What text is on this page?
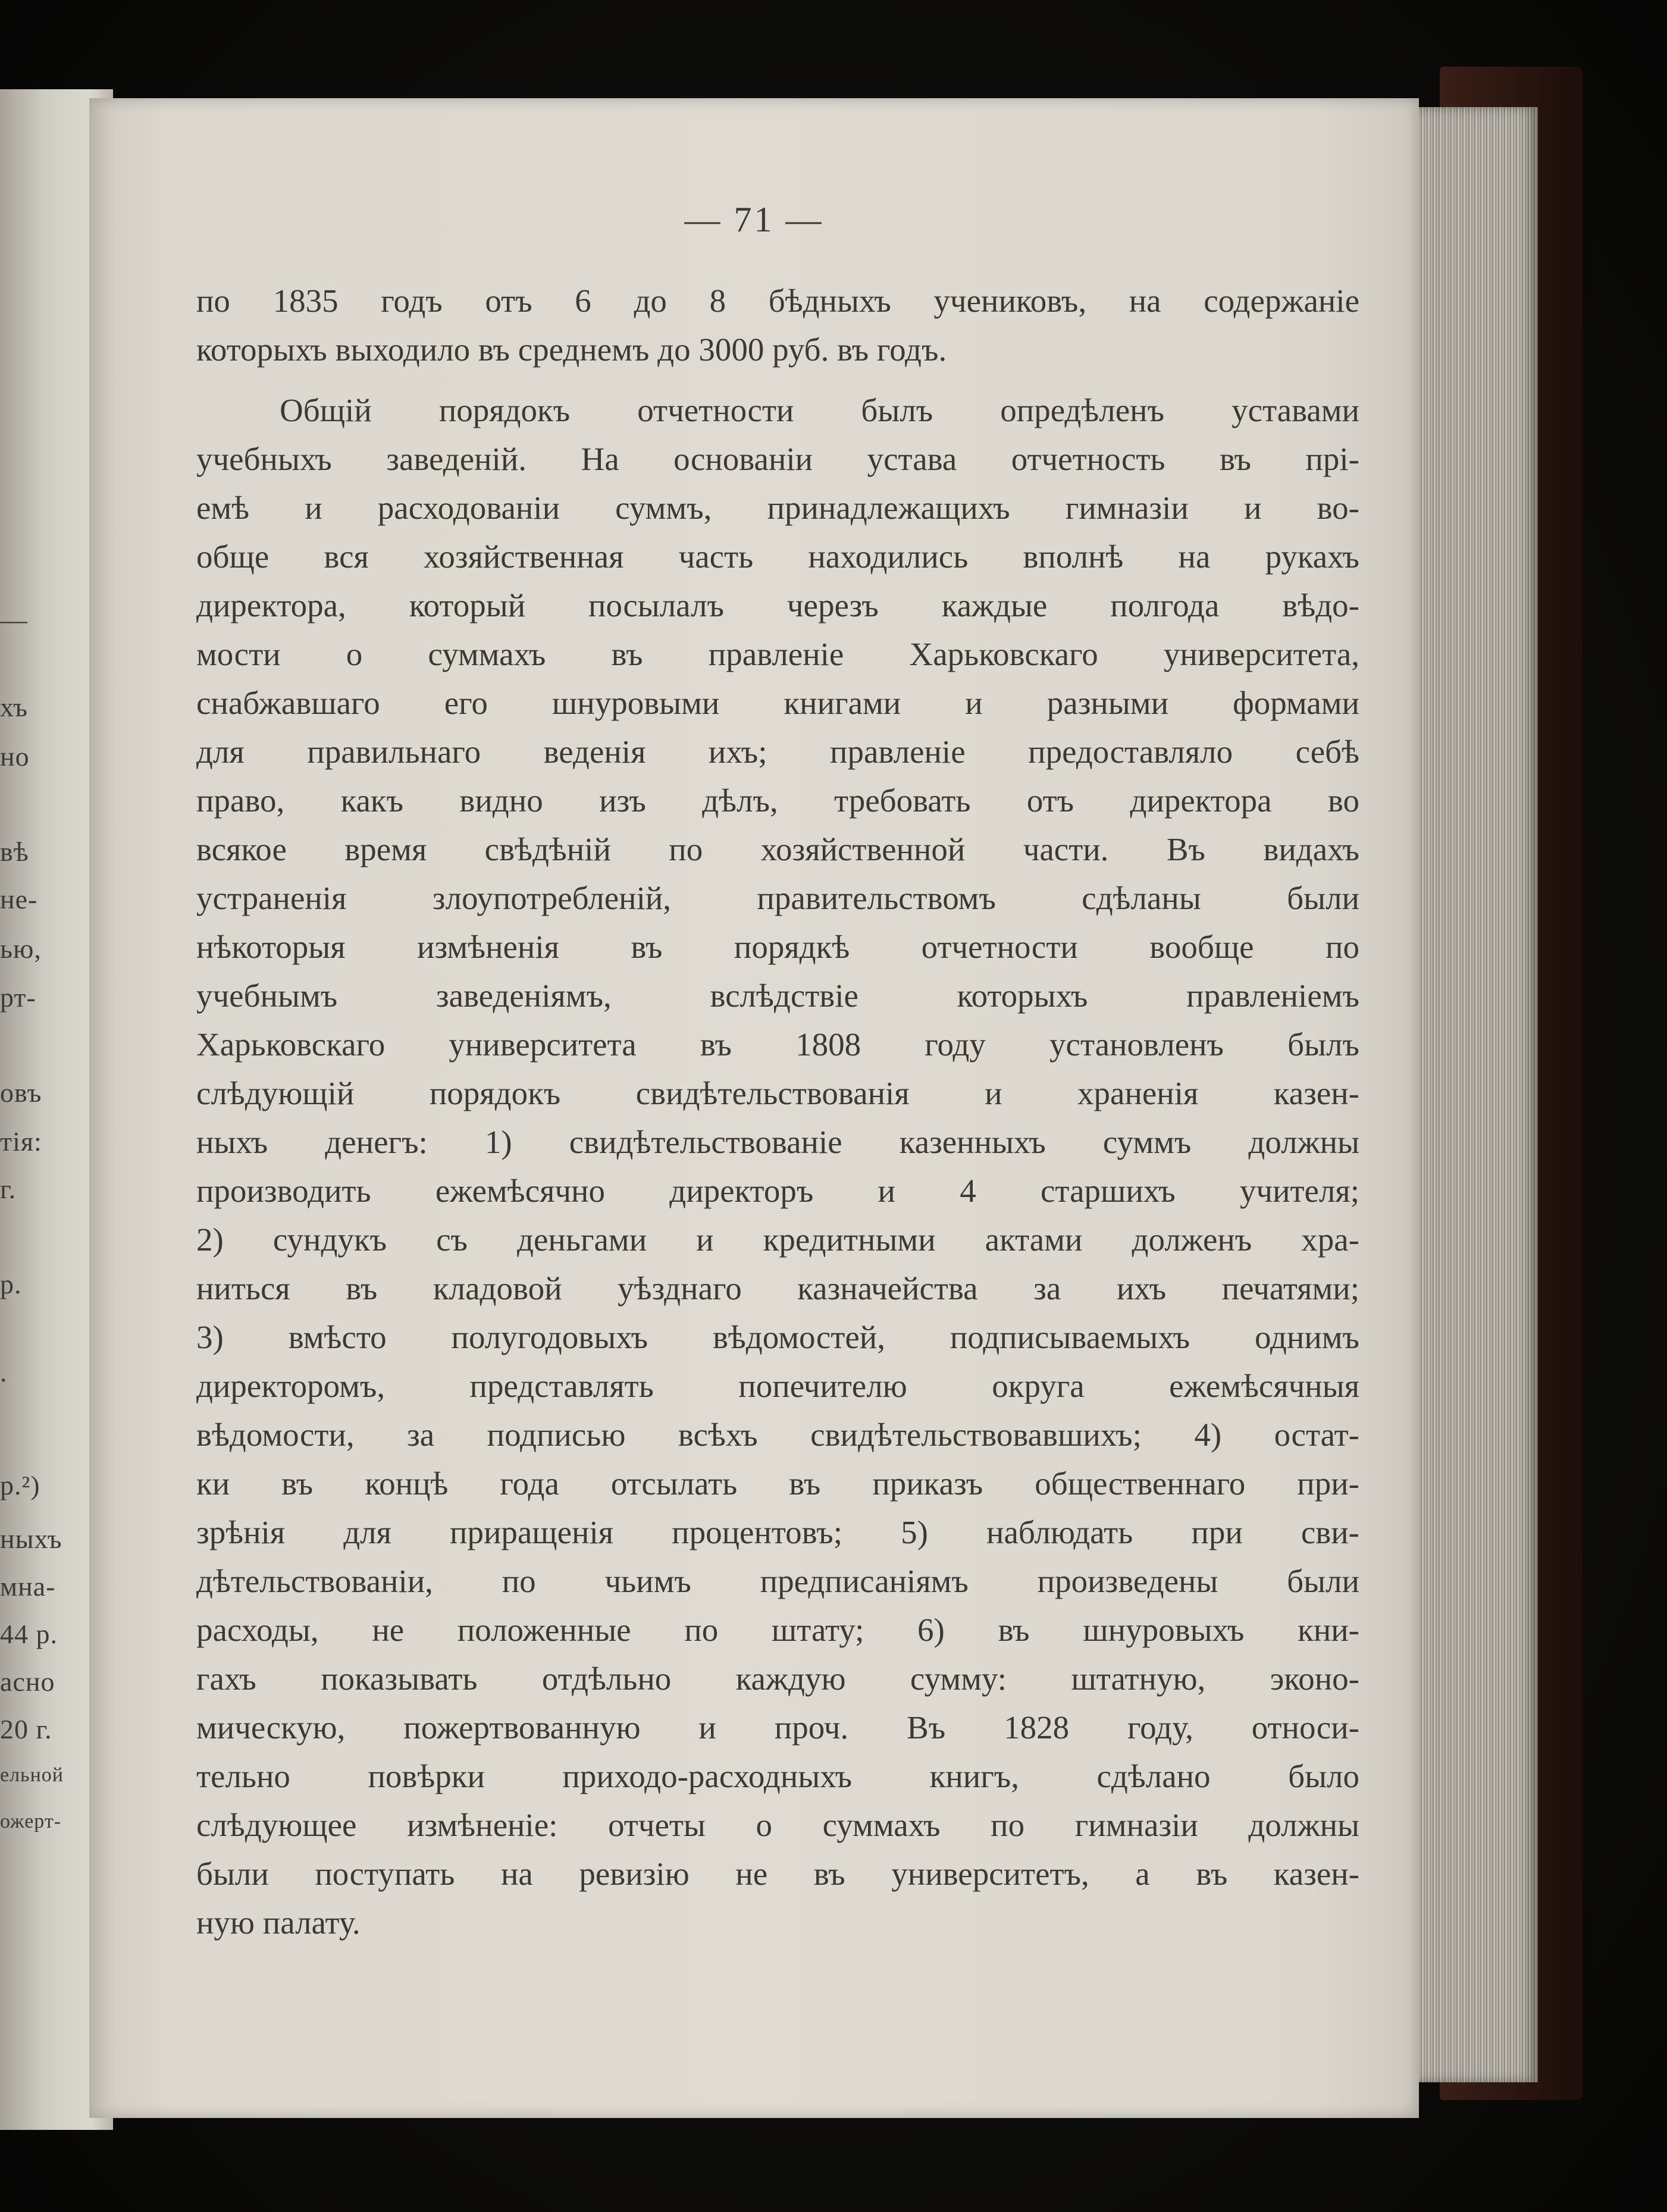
—
хъ
но
вѣ
не-
ью,
рт-
овъ
тія:
г.
р.
.
р.²)
ныхъ
мна-
44 р.
асно
20 г.
ельной
ожерт-
— 71 —
по 1835 годъ отъ 6 до 8 бѣдныхъ учениковъ, на содержаніе
которыхъ выходило въ среднемъ до 3000 руб. въ годъ.
Общій порядокъ отчетности былъ опредѣленъ уставами
учебныхъ заведеній. На основаніи устава отчетность въ прі-
емѣ и расходованіи суммъ, принадлежащихъ гимназіи и во-
обще вся хозяйственная часть находились вполнѣ на рукахъ
директора, который посылалъ черезъ каждые полгода вѣдо-
мости о суммахъ въ правленіе Харьковскаго университета,
снабжавшаго его шнуровыми книгами и разными формами
для правильнаго веденія ихъ; правленіе предоставляло себѣ
право, какъ видно изъ дѣлъ, требовать отъ директора во
всякое время свѣдѣній по хозяйственной части. Въ видахъ
устраненія злоупотребленій, правительствомъ сдѣланы были
нѣкоторыя измѣненія въ порядкѣ отчетности вообще по
учебнымъ заведеніямъ, вслѣдствіе которыхъ правленіемъ
Харьковскаго университета въ 1808 году установленъ былъ
слѣдующій порядокъ свидѣтельствованія и храненія казен-
ныхъ денегъ: 1) свидѣтельствованіе казенныхъ суммъ должны
производить ежемѣсячно директоръ и 4 старшихъ учителя;
2) сундукъ съ деньгами и кредитными актами долженъ хра-
ниться въ кладовой уѣзднаго казначейства за ихъ печатями;
3) вмѣсто полугодовыхъ вѣдомостей, подписываемыхъ однимъ
директоромъ, представлять попечителю округа ежемѣсячныя
вѣдомости, за подписью всѣхъ свидѣтельствовавшихъ; 4) остат-
ки въ концѣ года отсылать въ приказъ общественнаго при-
зрѣнія для приращенія процентовъ; 5) наблюдать при сви-
дѣтельствованіи, по чьимъ предписаніямъ произведены были
расходы, не положенные по штату; 6) въ шнуровыхъ кни-
гахъ показывать отдѣльно каждую сумму: штатную, эконо-
мическую, пожертвованную и проч. Въ 1828 году, относи-
тельно повѣрки приходо-расходныхъ книгъ, сдѣлано было
слѣдующее измѣненіе: отчеты о суммахъ по гимназіи должны
были поступать на ревизію не въ университетъ, а въ казен-
ную палату.
